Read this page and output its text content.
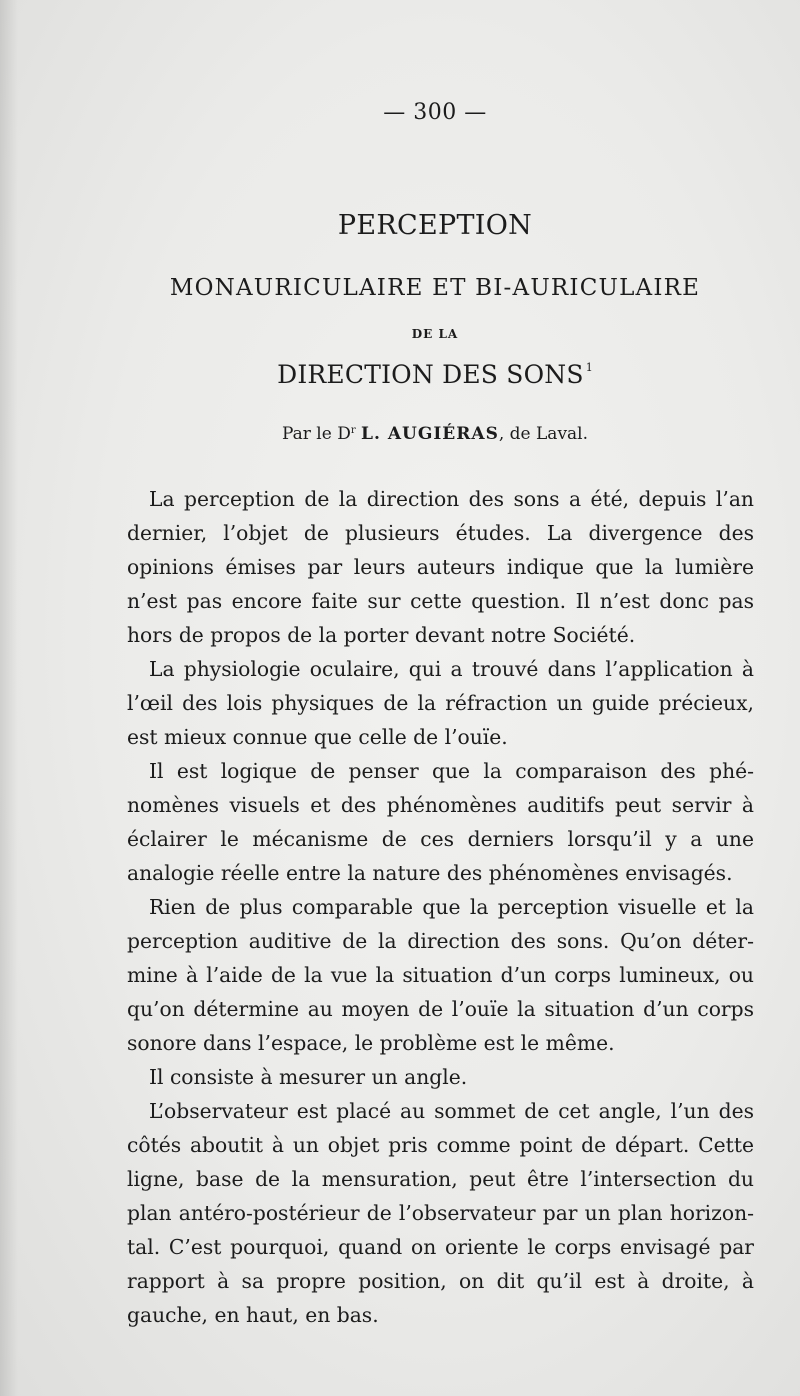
— 300 —
PERCEPTION
MONAURICULAIRE ET BI-AURICULAIRE
DE LA
DIRECTION DES SONS $^1$
Par le $D^r$ L. AUGIÉRAS, de Laval.

La perception de la direction des sons a été, depuis l’an dernier, l’objet de plusieurs études. La divergence des opinions émises par leurs auteurs indique que la lumière n’est pas encore faite sur cette question. Il n’est donc pas hors de propos de la porter devant notre Société.

La physiologie oculaire, qui a trouvé dans l’application à l’œil des lois physiques de la réfraction un guide précieux, est mieux connue que celle de l’ouïe.

Il est logique de penser que la comparaison des phénomènes visuels et des phénomènes auditifs peut servir à éclairer le mécanisme de ces derniers lorsqu’il y a une analogie réelle entre la nature des phénomènes envisagés.

Rien de plus comparable que la perception visuelle et la perception auditive de la direction des sons. Qu’on détermine à l’aide de la vue la situation d’un corps lumineux, ou qu’on détermine au moyen de l’ouïe la situation d’un corps sonore dans l’espace, le problème est le même.

Il consiste à mesurer un angle.

L’observateur est placé au sommet de cet angle, l’un des côtés aboutit à un objet pris comme point de départ. Cette ligne, base de la mensuration, peut être l’intersection du plan antéro-postérieur de l’observateur par un plan horizontal. C’est pourquoi, quand on oriente le corps envisagé par rapport à sa propre position, on dit qu’il est à droite, à gauche, en haut, en bas.
